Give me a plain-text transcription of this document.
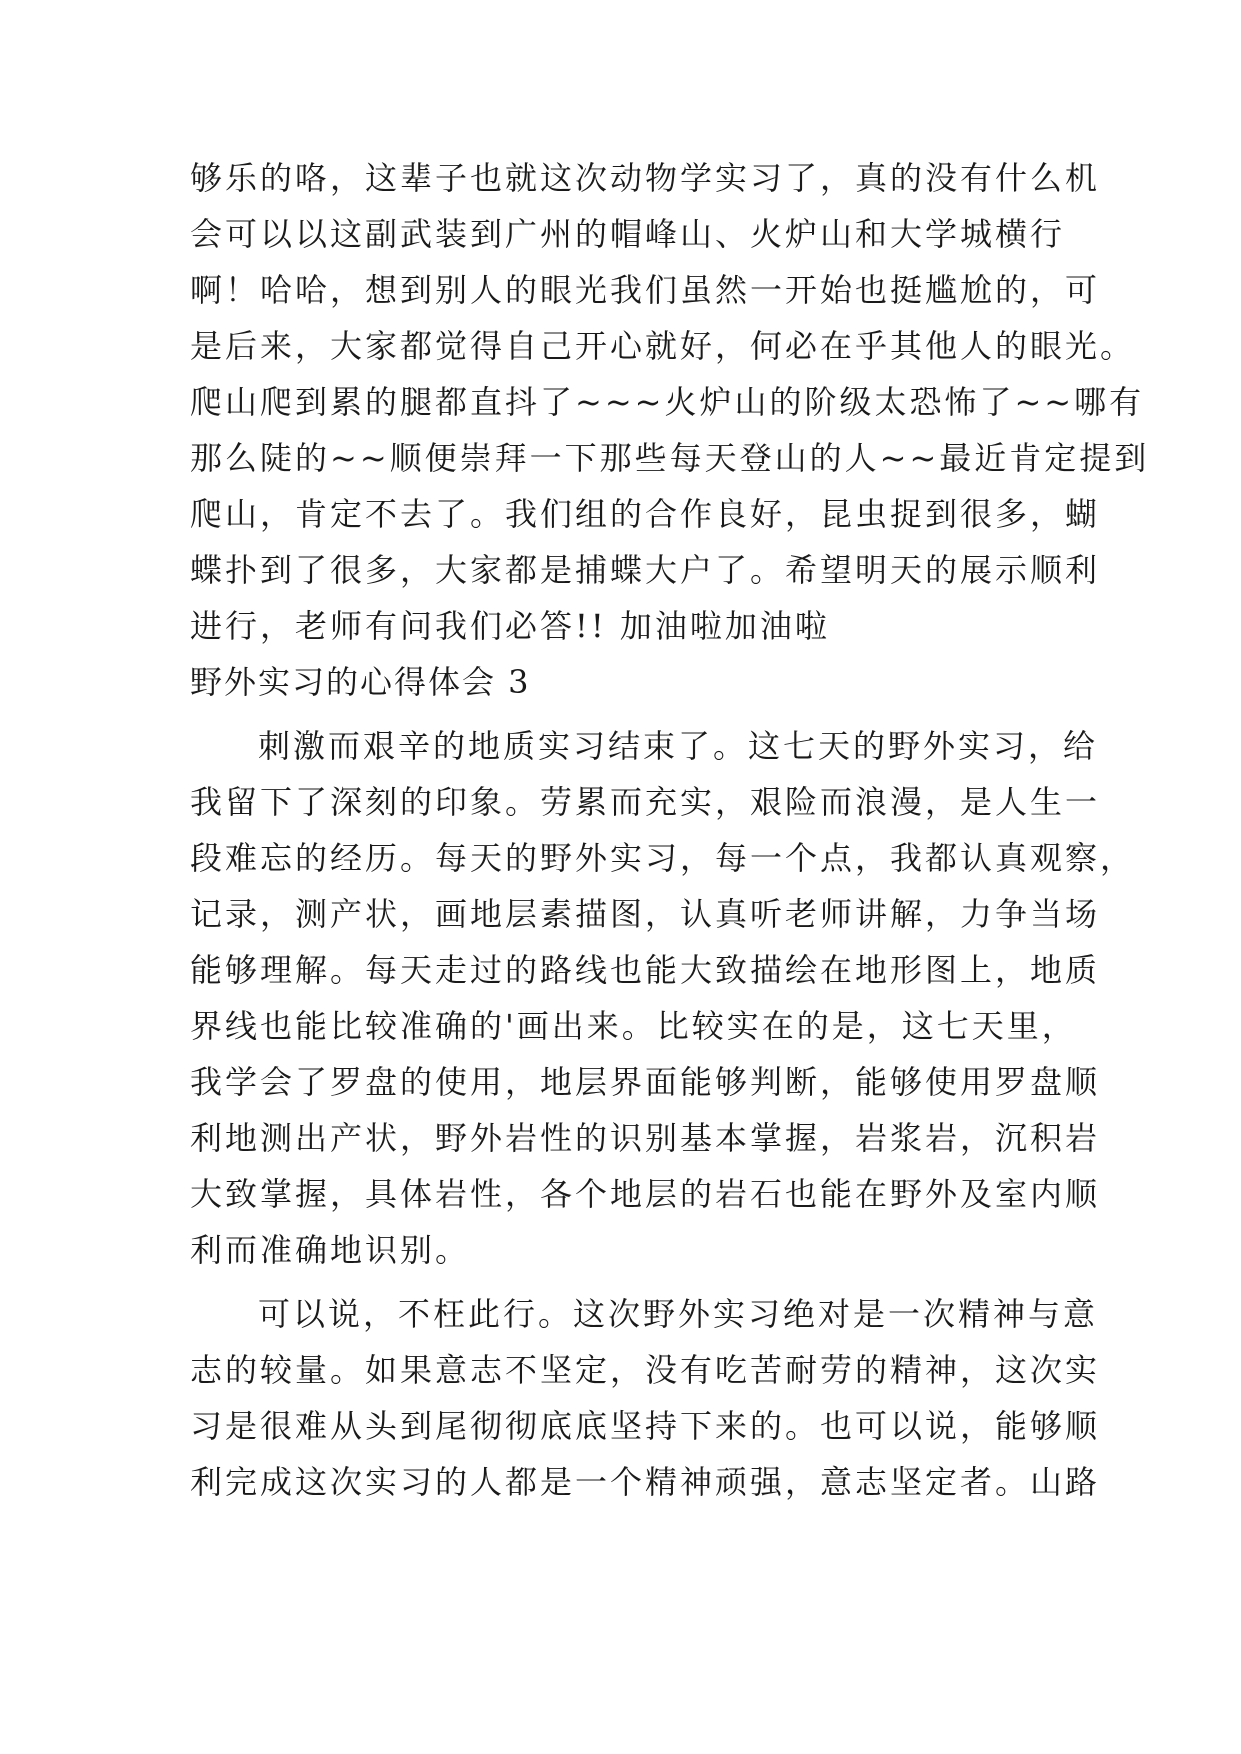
够乐的咯，这辈子也就这次动物学实习了，真的没有什么机
会可以以这副武装到广州的帽峰山、火炉山和大学城横行
啊！哈哈，想到别人的眼光我们虽然一开始也挺尴尬的，可
是后来，大家都觉得自己开心就好，何必在乎其他人的眼光。
爬山爬到累的腿都直抖了~~~火炉山的阶级太恐怖了~~哪有
那么陡的~~顺便崇拜一下那些每天登山的人~~最近肯定提到
爬山，肯定不去了。我们组的合作良好，昆虫捉到很多，蝴
蝶扑到了很多，大家都是捕蝶大户了。希望明天的展示顺利
进行，老师有问我们必答!! 加油啦加油啦
野外实习的心得体会 3
刺激而艰辛的地质实习结束了。这七天的野外实习，给
我留下了深刻的印象。劳累而充实，艰险而浪漫，是人生一
段难忘的经历。每天的野外实习，每一个点，我都认真观察，
记录，测产状，画地层素描图，认真听老师讲解，力争当场
能够理解。每天走过的路线也能大致描绘在地形图上，地质
界线也能比较准确的'画出来。比较实在的是，这七天里，
我学会了罗盘的使用，地层界面能够判断，能够使用罗盘顺
利地测出产状，野外岩性的识别基本掌握，岩浆岩，沉积岩
大致掌握，具体岩性，各个地层的岩石也能在野外及室内顺
利而准确地识别。
可以说，不枉此行。这次野外实习绝对是一次精神与意
志的较量。如果意志不坚定，没有吃苦耐劳的精神，这次实
习是很难从头到尾彻彻底底坚持下来的。也可以说，能够顺
利完成这次实习的人都是一个精神顽强，意志坚定者。山路
